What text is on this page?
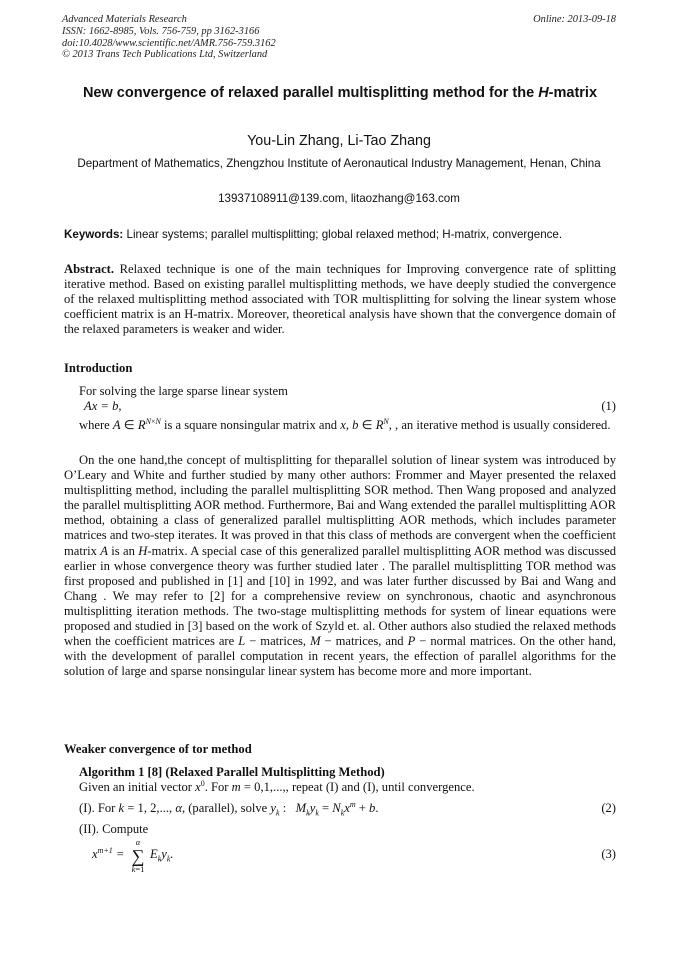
Advanced Materials Research
ISSN: 1662-8985, Vols. 756-759, pp 3162-3166
doi:10.4028/www.scientific.net/AMR.756-759.3162
© 2013 Trans Tech Publications Ltd, Switzerland
Online: 2013-09-18
New convergence of relaxed parallel multisplitting method for the H-matrix
You-Lin Zhang, Li-Tao Zhang
Department of Mathematics, Zhengzhou Institute of Aeronautical Industry Management, Henan, China
13937108911@139.com, litaozhang@163.com
Keywords: Linear systems; parallel multisplitting; global relaxed method; H-matrix, convergence.
Abstract. Relaxed technique is one of the main techniques for Improving convergence rate of splitting iterative method. Based on existing parallel multisplitting methods, we have deeply studied the convergence of the relaxed multisplitting method associated with TOR multisplitting for solving the linear system whose coefficient matrix is an H-matrix. Moreover, theoretical analysis have shown that the convergence domain of the relaxed parameters is weaker and wider.
Introduction
For solving the large sparse linear system
Ax = b,	(1)
where A ∈ $R^{N\times N}$ is a square nonsingular matrix and x, b ∈ $R^N$, , an iterative method is usually considered.
On the one hand,the concept of multisplitting for theparallel solution of linear system was introduced by O’Leary and White and further studied by many other authors: Frommer and Mayer presented the relaxed multisplitting method, including the parallel multisplitting SOR method. Then Wang proposed and analyzed the parallel multisplitting AOR method. Furthermore, Bai and Wang extended the parallel multisplitting AOR method, obtaining a class of generalized parallel multisplitting AOR methods, which includes parameter matrices and two-step iterates. It was proved in that this class of methods are convergent when the coefficient matrix A is an H-matrix. A special case of this generalized parallel multisplitting AOR method was discussed earlier in whose convergence theory was further studied later . The parallel multisplitting TOR method was first proposed and published in [1] and [10] in 1992, and was later further discussed by Bai and Wang and Chang . We may refer to [2] for a comprehensive review on synchronous, chaotic and asynchronous multisplitting iteration methods. The two-stage multisplitting methods for system of linear equations were proposed and studied in [3] based on the work of Szyld et. al. Other authors also studied the relaxed methods when the coefficient matrices are L − matrices, M − matrices, and P − normal matrices. On the other hand, with the development of parallel computation in recent years, the effection of parallel algorithms for the solution of large and sparse nonsingular linear system has become more and more important.
Weaker convergence of tor method
Algorithm 1 [8] (Relaxed Parallel Multisplitting Method)
Given an initial vector $x^0$. For m = 0,1,...,, repeat (I) and (I), until convergence.
(I). For k = 1, 2,..., α, (parallel), solve $y_k$ :   $M_ky_k = N_kx^m + b$.	(2)
(II). Compute
$x^{m+1}$ =
α
∑
k=1
$E_ky_k$.	(3)
